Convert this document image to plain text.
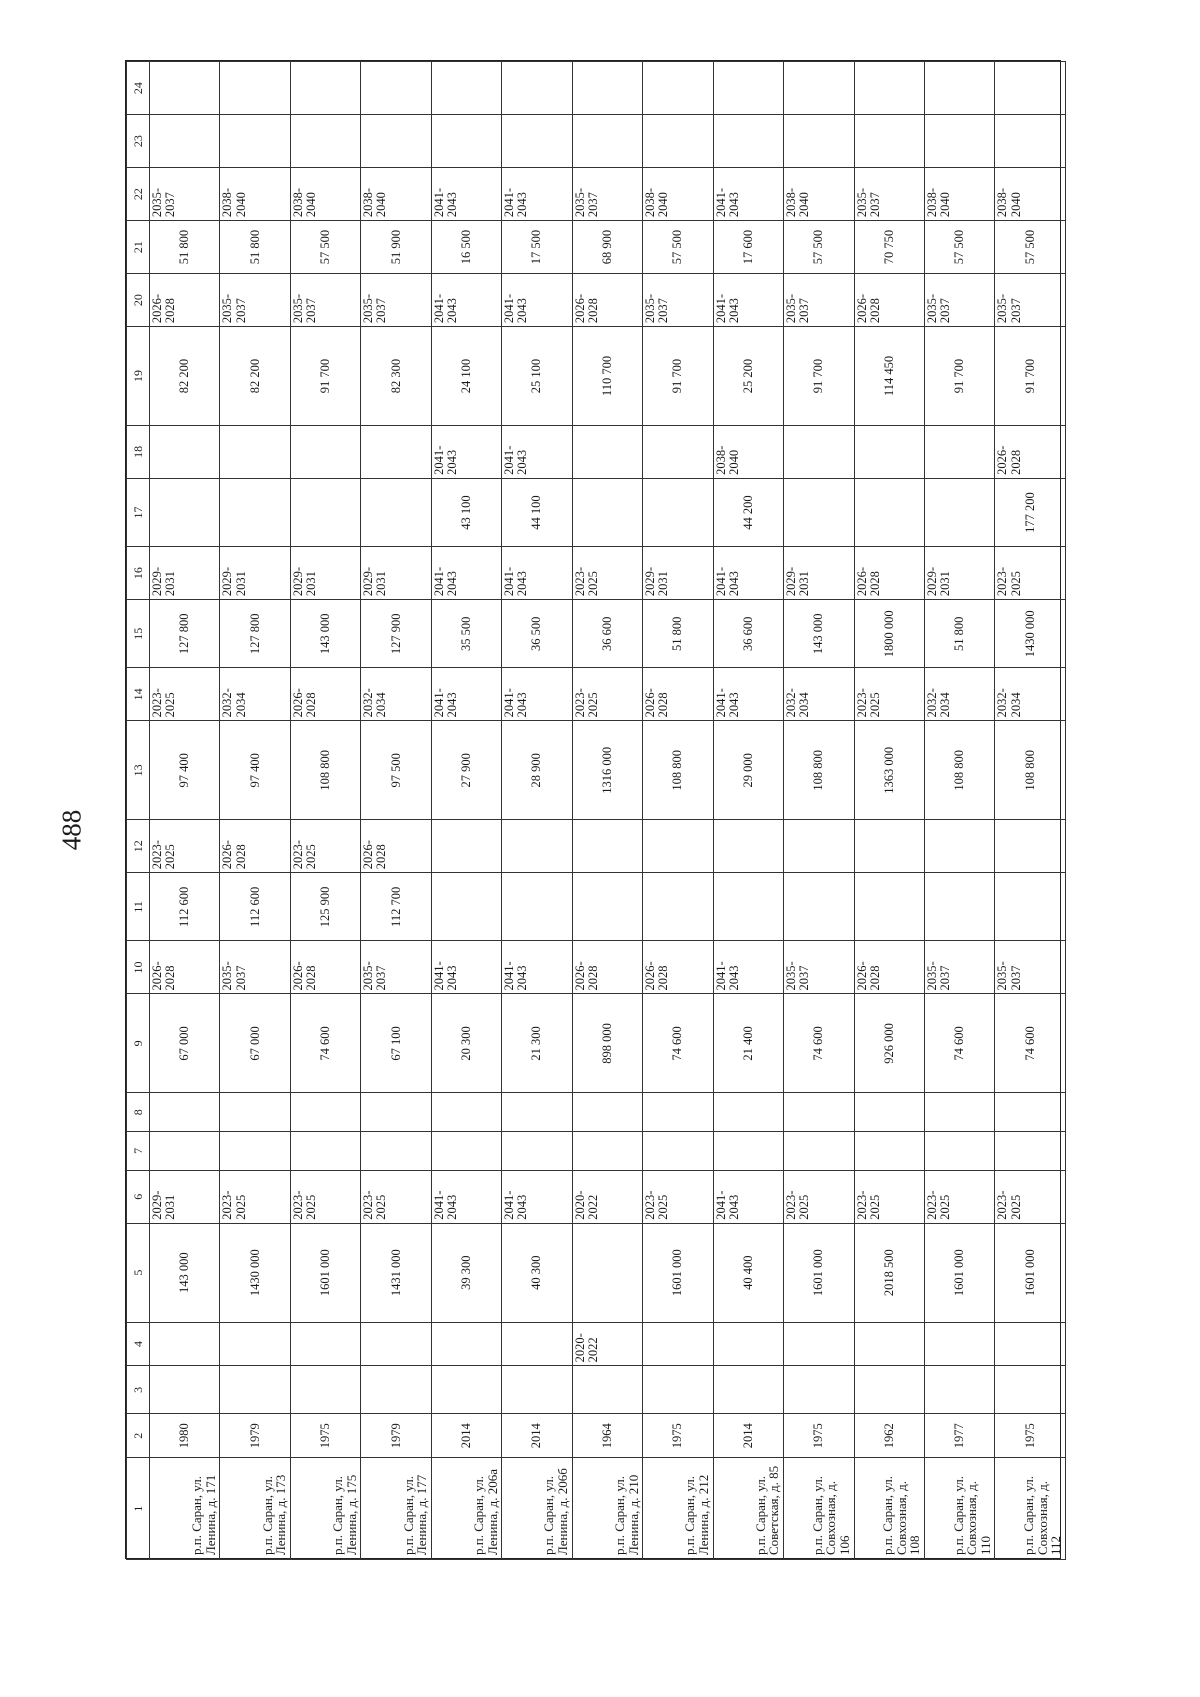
488
1	2	3	4	5	6	7	8	9	10	11	12	13	14	15	16	17	18	19	20	21	22	23	24
р.п. Саран, ул. Ленина, д. 171	1980			143 000	2029-2031			67 000	2026-2028	112 600	2023-2025	97 400	2023-2025	127 800	2029-2031			82 200	2026-2028	51 800	2035-2037		
р.п. Саран, ул. Ленина, д. 173	1979			1430 000	2023-2025			67 000	2035-2037	112 600	2026-2028	97 400	2032-2034	127 800	2029-2031			82 200	2035-2037	51 800	2038-2040		
р.п. Саран, ул. Ленина, д. 175	1975			1601 000	2023-2025			74 600	2026-2028	125 900	2023-2025	108 800	2026-2028	143 000	2029-2031			91 700	2035-2037	57 500	2038-2040		
р.п. Саран, ул. Ленина, д. 177	1979			1431 000	2023-2025			67 100	2035-2037	112 700	2026-2028	97 500	2032-2034	127 900	2029-2031			82 300	2035-2037	51 900	2038-2040		
р.п. Саран, ул. Ленина, д. 206а	2014			39 300	2041-2043			20 300	2041-2043			27 900	2041-2043	35 500	2041-2043	43 100	2041-2043	24 100	2041-2043	16 500	2041-2043		
р.п. Саран, ул. Ленина, д. 206б	2014			40 300	2041-2043			21 300	2041-2043			28 900	2041-2043	36 500	2041-2043	44 100	2041-2043	25 100	2041-2043	17 500	2041-2043		
р.п. Саран, ул. Ленина, д. 210	1964		2020-2022		2020-2022			898 000	2026-2028			1316 000	2023-2025	36 600	2023-2025			110 700	2026-2028	68 900	2035-2037		
р.п. Саран, ул. Ленина, д. 212	1975			1601 000	2023-2025			74 600	2026-2028			108 800	2026-2028	51 800	2029-2031			91 700	2035-2037	57 500	2038-2040		
р.п. Саран, ул. Советская, д. 85	2014			40 400	2041-2043			21 400	2041-2043			29 000	2041-2043	36 600	2041-2043	44 200	2038-2040	25 200	2041-2043	17 600	2041-2043		
р.п. Саран, ул. Совхозная, д. 106	1975			1601 000	2023-2025			74 600	2035-2037			108 800	2032-2034	143 000	2029-2031			91 700	2035-2037	57 500	2038-2040		
р.п. Саран, ул. Совхозная, д. 108	1962			2018 500	2023-2025			926 000	2026-2028			1363 000	2023-2025	1800 000	2026-2028			114 450	2026-2028	70 750	2035-2037		
р.п. Саран, ул. Совхозная, д. 110	1977			1601 000	2023-2025			74 600	2035-2037			108 800	2032-2034	51 800	2029-2031			91 700	2035-2037	57 500	2038-2040		
р.п. Саран, ул. Совхозная, д. 112	1975			1601 000	2023-2025			74 600	2035-2037			108 800	2032-2034	1430 000	2023-2025	177 200	2026-2028	91 700	2035-2037	57 500	2038-2040		
